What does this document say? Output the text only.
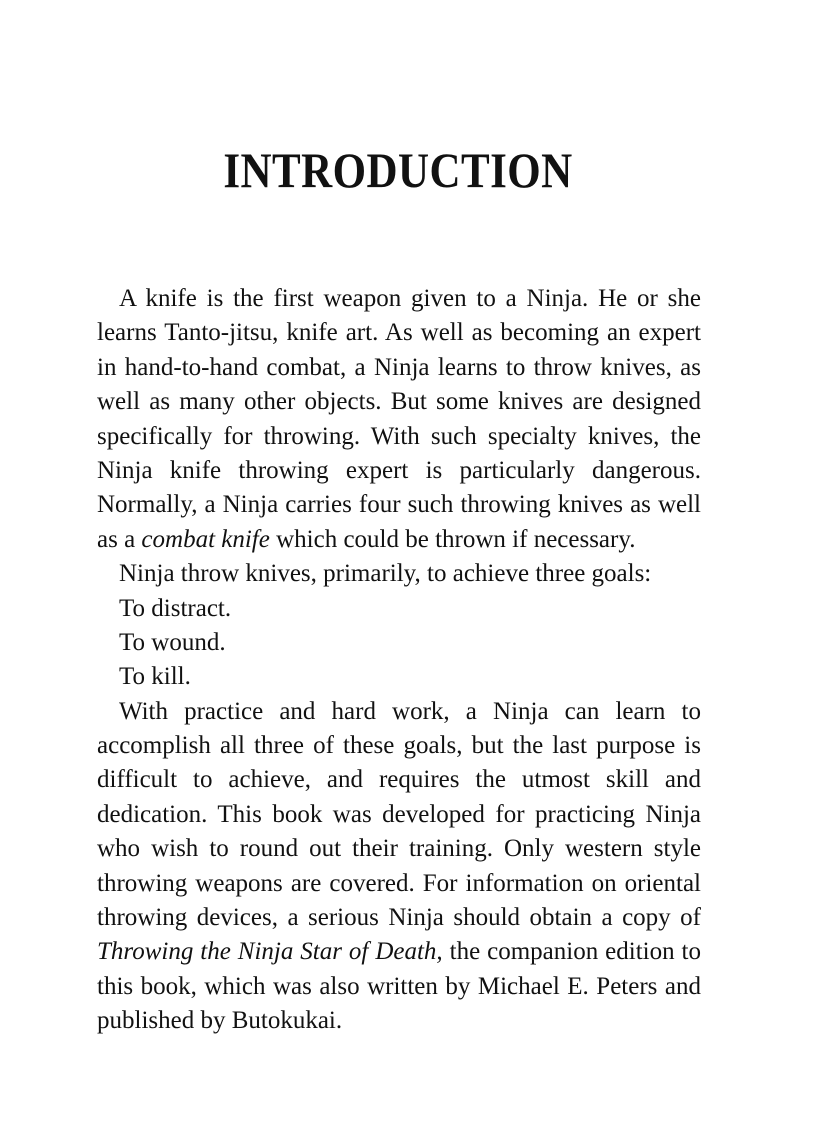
INTRODUCTION
A knife is the first weapon given to a Ninja. He or she
learns Tanto-jitsu, knife art. As well as becoming an expert
in hand-to-hand combat, a Ninja learns to throw knives, as
well as many other objects. But some knives are designed
specifically for throwing. With such specialty knives, the
Ninja knife throwing expert is particularly dangerous.
Normally, a Ninja carries four such throwing knives as well
as a combat knife which could be thrown if necessary.
Ninja throw knives, primarily, to achieve three goals:
To distract.
To wound.
To kill.
With practice and hard work, a Ninja can learn to
accomplish all three of these goals, but the last purpose is
difficult to achieve, and requires the utmost skill and
dedication. This book was developed for practicing Ninja
who wish to round out their training. Only western style
throwing weapons are covered. For information on oriental
throwing devices, a serious Ninja should obtain a copy of
Throwing the Ninja Star of Death, the companion edition to
this book, which was also written by Michael E. Peters and
published by Butokukai.
